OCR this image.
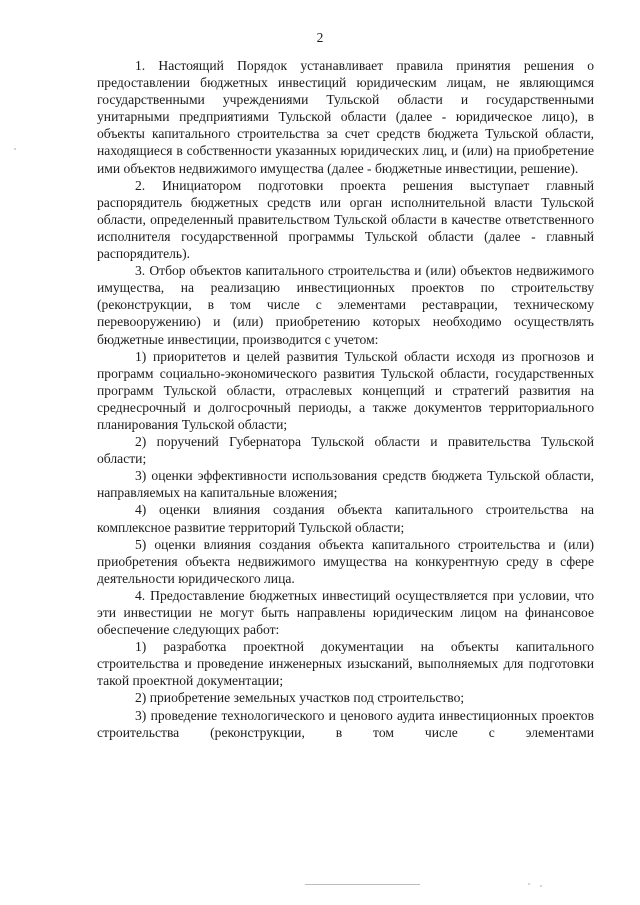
2

1. Настоящий Порядок устанавливает правила принятия решения о предоставлении бюджетных инвестиций юридическим лицам, не являющимся государственными учреждениями Тульской области и государственными унитарными предприятиями Тульской области (далее - юридическое лицо), в объекты капитального строительства за счет средств бюджета Тульской области, находящиеся в собственности указанных юридических лиц, и (или) на приобретение ими объектов недвижимого имущества (далее - бюджетные инвестиции, решение).

2. Инициатором подготовки проекта решения выступает главный распорядитель бюджетных средств или орган исполнительной власти Тульской области, определенный правительством Тульской области в качестве ответственного исполнителя государственной программы Тульской области (далее - главный распорядитель).

3. Отбор объектов капитального строительства и (или) объектов недвижимого имущества, на реализацию инвестиционных проектов по строительству (реконструкции, в том числе с элементами реставрации, техническому перевооружению) и (или) приобретению которых необходимо осуществлять бюджетные инвестиции, производится с учетом:

1) приоритетов и целей развития Тульской области исходя из прогнозов и программ социально-экономического развития Тульской области, государственных программ Тульской области, отраслевых концепций и стратегий развития на среднесрочный и долгосрочный периоды, а также документов территориального планирования Тульской области;

2) поручений Губернатора Тульской области и правительства Тульской области;

3) оценки эффективности использования средств бюджета Тульской области, направляемых на капитальные вложения;

4) оценки влияния создания объекта капитального строительства на комплексное развитие территорий Тульской области;

5) оценки влияния создания объекта капитального строительства и (или) приобретения объекта недвижимого имущества на конкурентную среду в сфере деятельности юридического лица.

4. Предоставление бюджетных инвестиций осуществляется при условии, что эти инвестиции не могут быть направлены юридическим лицом на финансовое обеспечение следующих работ:

1) разработка проектной документации на объекты капитального строительства и проведение инженерных изысканий, выполняемых для подготовки такой проектной документации;

2) приобретение земельных участков под строительство;

3) проведение технологического и ценового аудита инвестиционных проектов строительства (реконструкции, в том числе с элементами
